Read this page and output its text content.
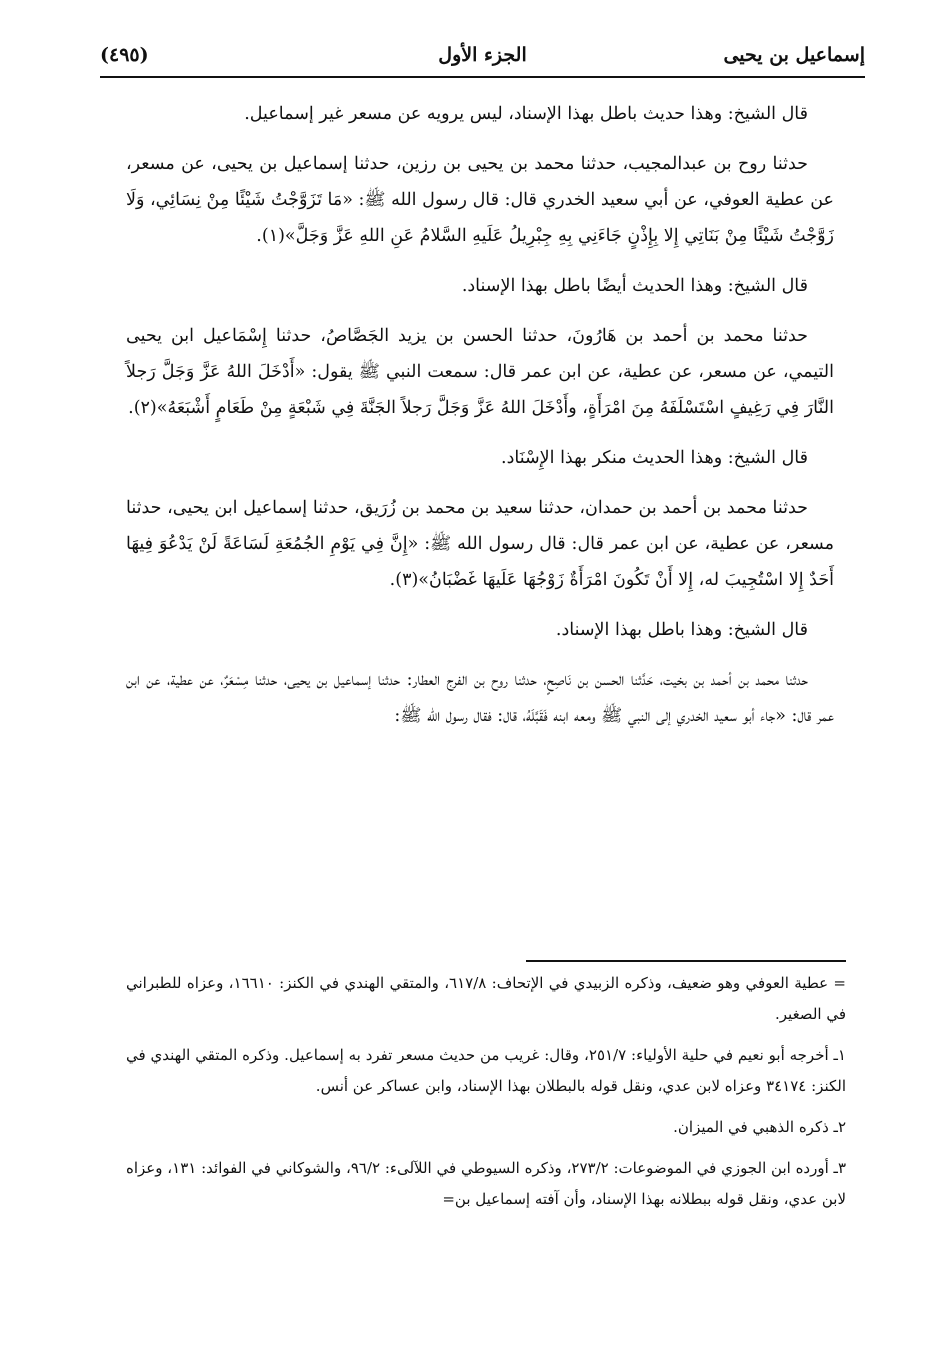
إسماعيل بن يحيى
الجزء الأول
(٤٩٥)

قال الشيخ: وهذا حديث باطل بهذا الإسناد، ليس يرويه عن مسعر غير إسماعيل.

حدثنا روح بن عبدالمجيب، حدثنا محمد بن يحيى بن رزين، حدثنا إسماعيل بن يحيى، عن مسعر، عن عطية العوفي، عن أبي سعيد الخدري قال: قال رسول الله ﷺ: «مَا تَزَوَّجْتُ شَيْئًا مِنْ نِسَائِي، وَلَا زَوَّجْتُ شَيْئًا مِنْ بَنَاتِي إِلا بِإِذْنٍ جَاءَنِي بِهِ جِبْرِيلُ عَلَيهِ السَّلامُ عَنِ اللهِ عَزَّ وَجَلَّ»(١).

قال الشيخ: وهذا الحديث أيضًا باطل بهذا الإسناد.

حدثنا محمد بن أحمد بن هَارُونَ، حدثنا الحسن بن يزيد الجَصَّاصُ، حدثنا إِسْمَاعيل ابن يحيى التيمي، عن مسعر، عن عطية، عن ابن عمر قال: سمعت النبي ﷺ يقول: «أَدْخَلَ اللهُ عَزَّ وَجَلَّ رَجلاً النَّارَ فِي رَغِيفٍ اسْتَسْلَفَهُ مِنَ امْرَأَةٍ، وأَدْخَلَ اللهُ عَزَّ وَجَلَّ رَجلاً الجَنَّةَ فِي شَبْعَةٍ مِنْ طَعَامٍ أَشْبَعَهُ»(٢).

قال الشيخ: وهذا الحديث منكر بهذا الإِسْنَاد.

حدثنا محمد بن أحمد بن حمدان، حدثنا سعيد بن محمد بن زُرَيق، حدثنا إسماعيل ابن يحيى، حدثنا مسعر، عن عطية، عن ابن عمر قال: قال رسول الله ﷺ: «إِنَّ فِي يَوْمِ الجُمُعَةِ لَسَاعَةً لَنْ يَدْعُوَ فِيهَا أَحَدٌ إِلا اسْتُجِيبَ له، إِلا أَنْ تَكُونَ امْرَأَةٌ زَوْجُهَا عَلَيهَا غَضْبَانُ»(٣).

قال الشيخ: وهذا باطل بهذا الإسناد.

حدثنا محمد بن أحمد بن بخيت، حَدَّثنا الحسن بن نَاصِحٍ، حدثنا روح بن الفرج العطار: حدثنا إسماعيل بن يحيى، حدثنا مِسْعَرٌ، عن عطية، عن ابن عمر قال: «جاء أبو سعيد الخدري إلى النبي ﷺ ومعه ابنه فَقَبَّلَهُ، قال: فقال رسول الله ﷺ:

= عطية العوفي وهو ضعيف، وذكره الزبيدي في الإتحاف: ٦١٧/٨، والمتقي الهندي في الكنز: ١٦٦١٠، وعزاه للطبراني في الصغير.

١ـ أخرجه أبو نعيم في حلية الأولياء: ٢٥١/٧، وقال: غريب من حديث مسعر تفرد به إسماعيل. وذكره المتقي الهندي في الكنز: ٣٤١٧٤ وعزاه لابن عدي، ونقل قوله بالبطلان بهذا الإسناد، وابن عساكر عن أنس.

٢ـ ذكره الذهبي في الميزان.

٣ـ أورده ابن الجوزي في الموضوعات: ٢٧٣/٢، وذكره السيوطي في اللآلىء: ٩٦/٢، والشوكاني في الفوائد: ١٣١، وعزاه لابن عدي، ونقل قوله ببطلانه بهذا الإسناد، وأن آفته إسماعيل بن=
